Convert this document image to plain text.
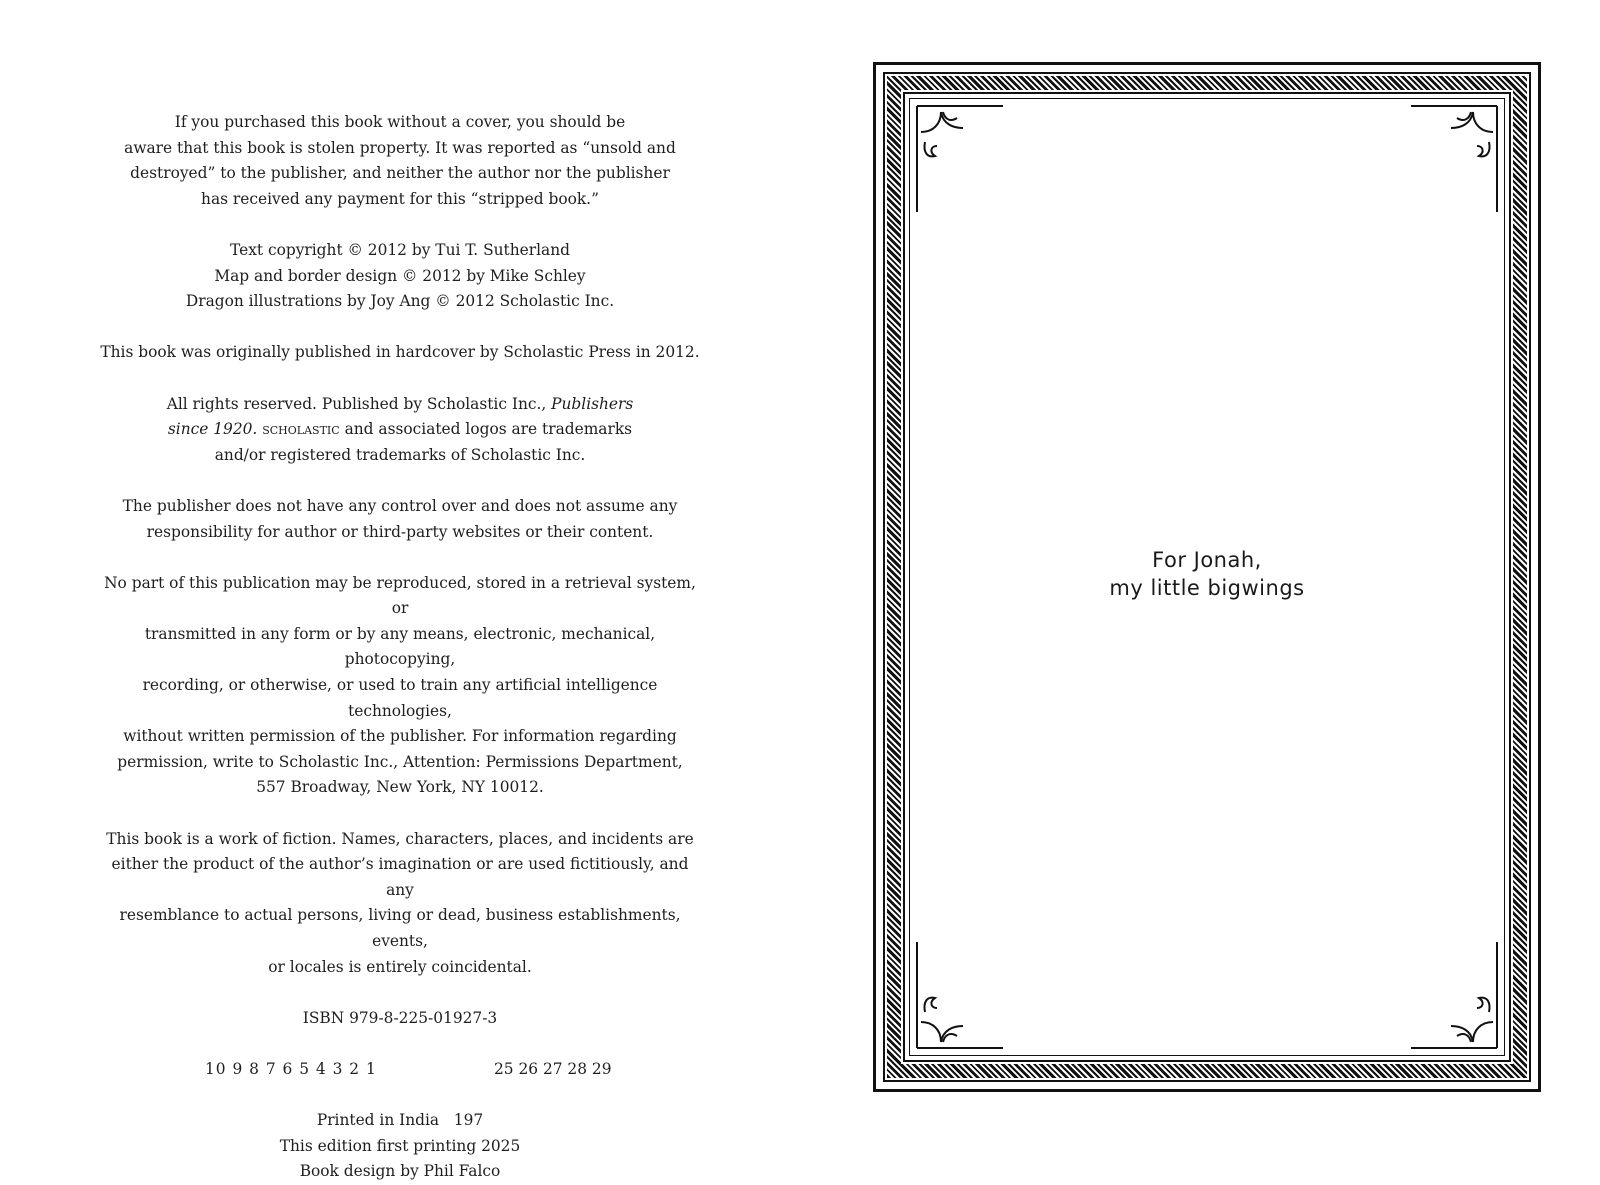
If you purchased this book without a cover, you should be
aware that this book is stolen property. It was reported as “unsold and
destroyed” to the publisher, and neither the author nor the publisher
has received any payment for this “stripped book.”

Text copyright © 2012 by Tui T. Sutherland
Map and border design © 2012 by Mike Schley
Dragon illustrations by Joy Ang © 2012 Scholastic Inc.

This book was originally published in hardcover by Scholastic Press in 2012.

All rights reserved. Published by Scholastic Inc., Publishers
since 1920. scholastic and associated logos are trademarks
and/or registered trademarks of Scholastic Inc.

The publisher does not have any control over and does not assume any
responsibility for author or third-party websites or their content.

No part of this publication may be reproduced, stored in a retrieval system, or
transmitted in any form or by any means, electronic, mechanical, photocopying,
recording, or otherwise, or used to train any artificial intelligence technologies,
without written permission of the publisher. For information regarding
permission, write to Scholastic Inc., Attention: Permissions Department,
557 Broadway, New York, NY 10012.

This book is a work of fiction. Names, characters, places, and incidents are
either the product of the author’s imagination or are used fictitiously, and any
resemblance to actual persons, living or dead, business establishments, events,
or locales is entirely coincidental.

ISBN 979-8-225-01927-3

10 9 8 7 6 5 4 3 2 1	25 26 27 28 29

Printed in India   197
This edition first printing 2025
Book design by Phil Falco

For Jonah,
my little bigwings
